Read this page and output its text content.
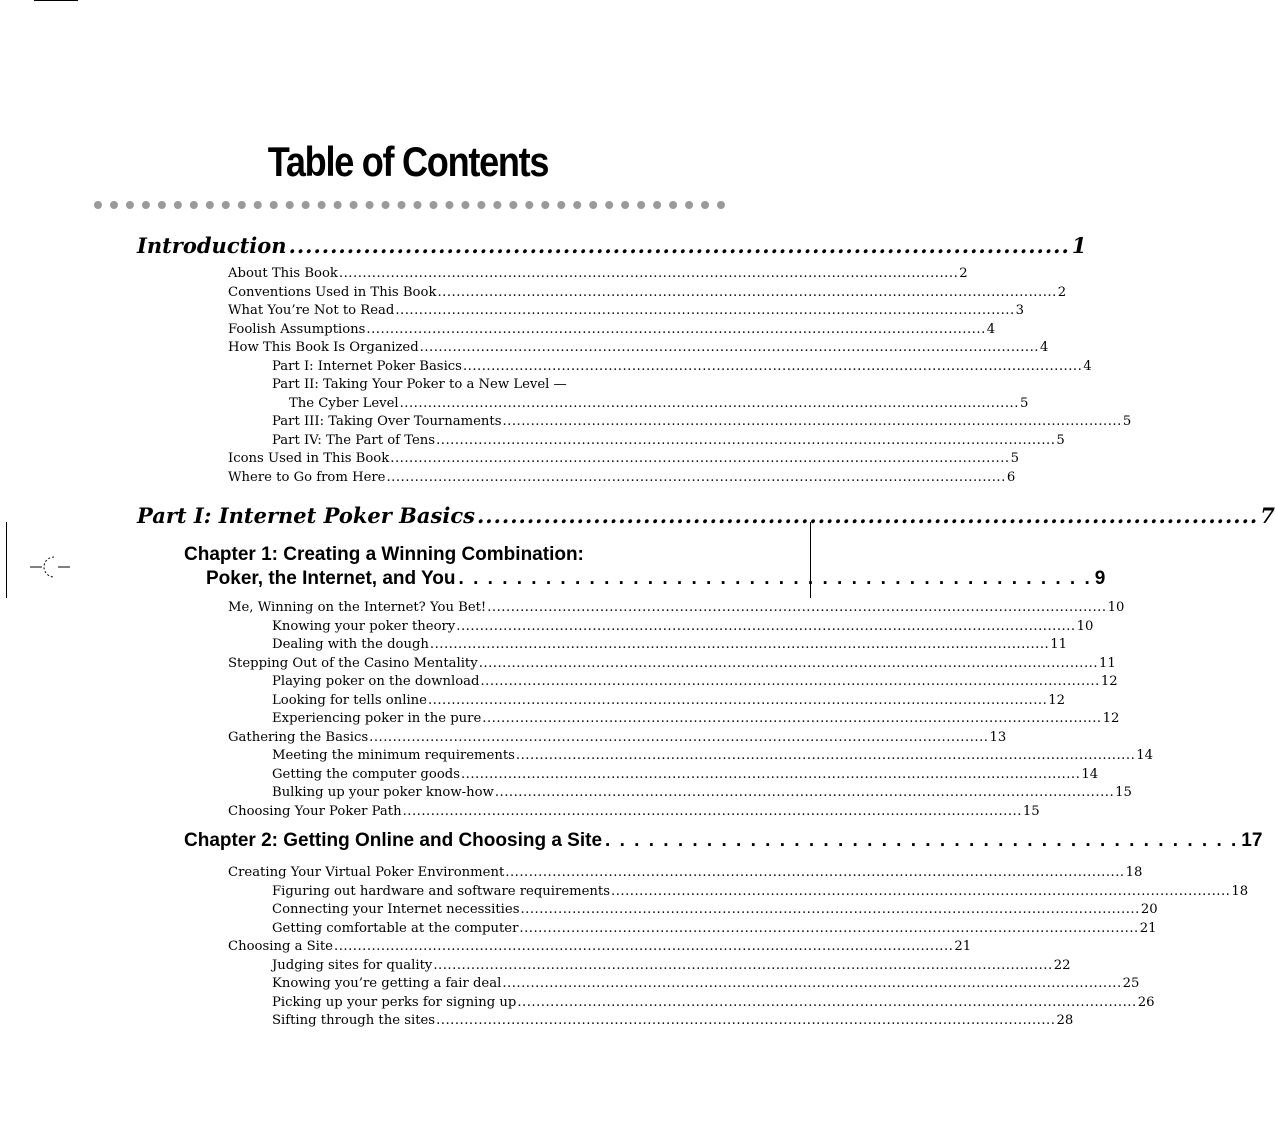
Table of Contents
Introduction .............................................................................................. 1
About This Book .................................................................................................................................... 2
Conventions Used in This Book .................................................................................................................................... 2
What You’re Not to Read .................................................................................................................................... 3
Foolish Assumptions .................................................................................................................................... 4
How This Book Is Organized .................................................................................................................................... 4
Part I: Internet Poker Basics .................................................................................................................................... 4
Part II: Taking Your Poker to a New Level —
The Cyber Level .................................................................................................................................... 5
Part III: Taking Over Tournaments .................................................................................................................................... 5
Part IV: The Part of Tens .................................................................................................................................... 5
Icons Used in This Book .................................................................................................................................... 5
Where to Go from Here .................................................................................................................................... 6
Part I: Internet Poker Basics .............................................................................................. 7
Chapter 1: Creating a Winning Combination:
Poker, the Internet, and You . . . . . . . . . . . . . . . . . . . . . . . . . . . . . . . . . . . . . . . . . . . . 9
Me, Winning on the Internet? You Bet! .................................................................................................................................... 10
Knowing your poker theory .................................................................................................................................... 10
Dealing with the dough .................................................................................................................................... 11
Stepping Out of the Casino Mentality .................................................................................................................................... 11
Playing poker on the download .................................................................................................................................... 12
Looking for tells online .................................................................................................................................... 12
Experiencing poker in the pure .................................................................................................................................... 12
Gathering the Basics .................................................................................................................................... 13
Meeting the minimum requirements .................................................................................................................................... 14
Getting the computer goods .................................................................................................................................... 14
Bulking up your poker know-how .................................................................................................................................... 15
Choosing Your Poker Path .................................................................................................................................... 15
Chapter 2: Getting Online and Choosing a Site . . . . . . . . . . . . . . . . . . . . . . . . . . . . . . . . . . . . . . . . . . . . 17
Creating Your Virtual Poker Environment .................................................................................................................................... 18
Figuring out hardware and software requirements .................................................................................................................................... 18
Connecting your Internet necessities .................................................................................................................................... 20
Getting comfortable at the computer .................................................................................................................................... 21
Choosing a Site .................................................................................................................................... 21
Judging sites for quality .................................................................................................................................... 22
Knowing you’re getting a fair deal .................................................................................................................................... 25
Picking up your perks for signing up .................................................................................................................................... 26
Sifting through the sites .................................................................................................................................... 28
